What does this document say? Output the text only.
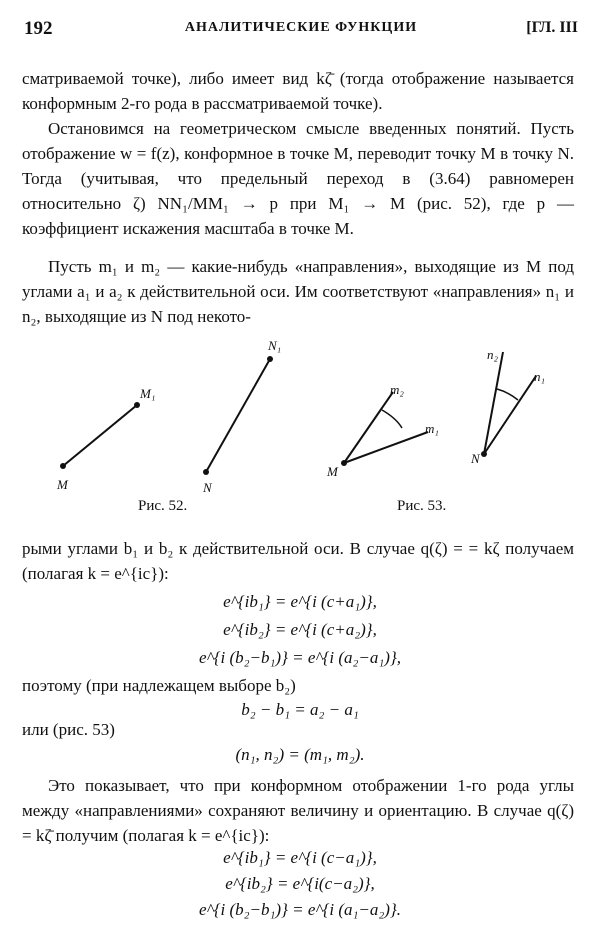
192	АНАЛИТИЧЕСКИЕ ФУНКЦИИ	[ГЛ. III

сматриваемой точке), либо имеет вид kζ̄ (тогда отображение называется конформным 2-го рода в рассматриваемой точке).

Остановимся на геометрическом смысле введенных понятий. Пусть отображение w = f(z), конформное в точке M, переводит точку M в точку N. Тогда (учитывая, что предельный переход в (3.64) равномерен относительно ζ) NN₁/MM₁ → p при M₁ → M (рис. 52), где p — коэффициент искажения масштаба в точке M.

Пусть m₁ и m₂ — какие-нибудь «направления», выходящие из M под углами a₁ и a₂ к действительной оси. Им соответствуют «направления» n₁ и n₂, выходящие из N под некото-

M
M₁
N
N₁
M
m₂
m₁
N
n₂
n₁
Рис. 52.	Рис. 53.

рыми углами b₁ и b₂ к действительной оси. В случае q(ζ) = = kζ получаем (полагая k = e^{ic}):

e^{ib₁} = e^{i (c+a₁)},
e^{ib₂} = e^{i (c+a₂)},
e^{i (b₂−b₁)} = e^{i (a₂−a₁)},
поэтому (при надлежащем выборе b₂)
b₂ − b₁ = a₂ − a₁
или (рис. 53)
(n₁, n₂) = (m₁, m₂).

Это показывает, что при конформном отображении 1-го рода углы между «направлениями» сохраняют величину и ориентацию. В случае q(ζ) = kζ̄ получим (полагая k = e^{ic}):

e^{ib₁} = e^{i (c−a₁)},
e^{ib₂} = e^{i(c−a₂)},
e^{i (b₂−b₁)} = e^{i (a₁−a₂)}.
